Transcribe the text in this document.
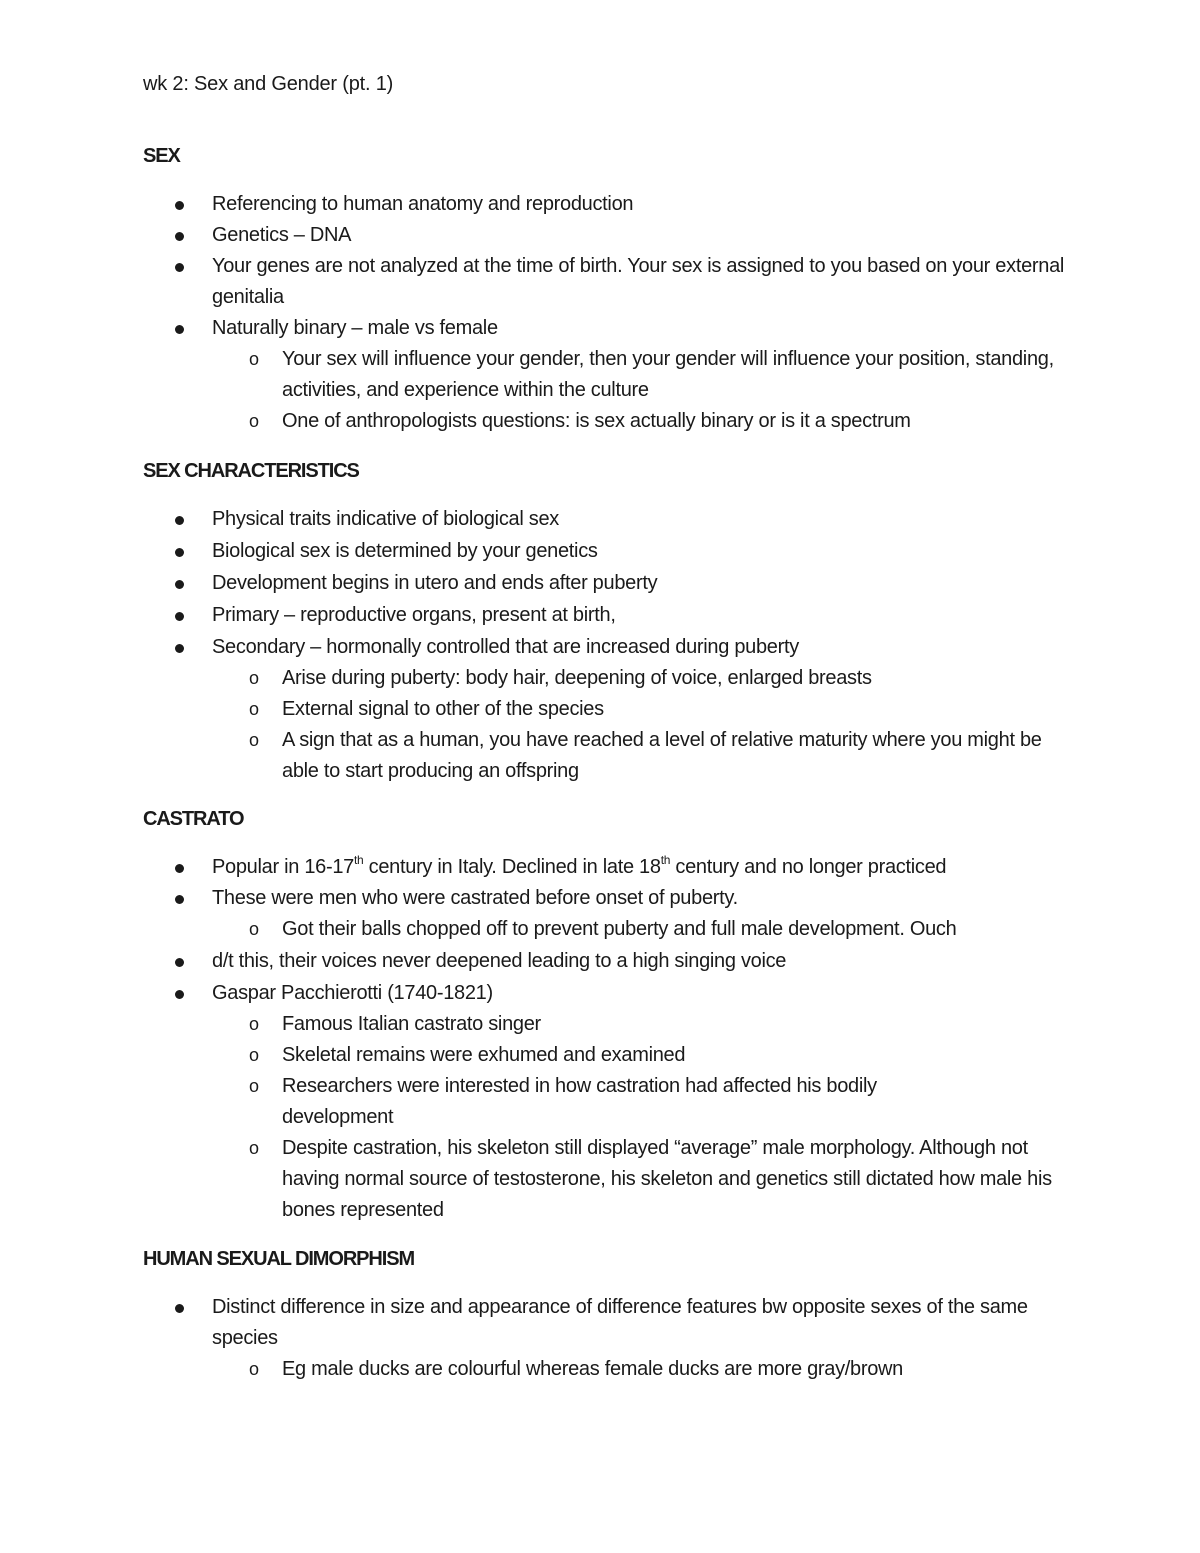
wk 2: Sex and Gender (pt. 1)
SEX
Referencing to human anatomy and reproduction
Genetics – DNA
Your genes are not analyzed at the time of birth. Your sex is assigned to you based on your external genitalia
Naturally binary – male vs female
o Your sex will influence your gender, then your gender will influence your position, standing, activities, and experience within the culture
o One of anthropologists questions: is sex actually binary or is it a spectrum
SEX CHARACTERISTICS
Physical traits indicative of biological sex
Biological sex is determined by your genetics
Development begins in utero and ends after puberty
Primary – reproductive organs, present at birth,
Secondary – hormonally controlled that are increased during puberty
o Arise during puberty: body hair, deepening of voice, enlarged breasts
o External signal to other of the species
o A sign that as a human, you have reached a level of relative maturity where you might be able to start producing an offspring
CASTRATO
Popular in 16-17th century in Italy. Declined in late 18th century and no longer practiced
These were men who were castrated before onset of puberty.
o Got their balls chopped off to prevent puberty and full male development. Ouch
d/t this, their voices never deepened leading to a high singing voice
Gaspar Pacchierotti (1740-1821)
o Famous Italian castrato singer
o Skeletal remains were exhumed and examined
o Researchers were interested in how castration had affected his bodily development
o Despite castration, his skeleton still displayed “average” male morphology. Although not having normal source of testosterone, his skeleton and genetics still dictated how male his bones represented
HUMAN SEXUAL DIMORPHISM
Distinct difference in size and appearance of difference features bw opposite sexes of the same species
o Eg male ducks are colourful whereas female ducks are more gray/brown
